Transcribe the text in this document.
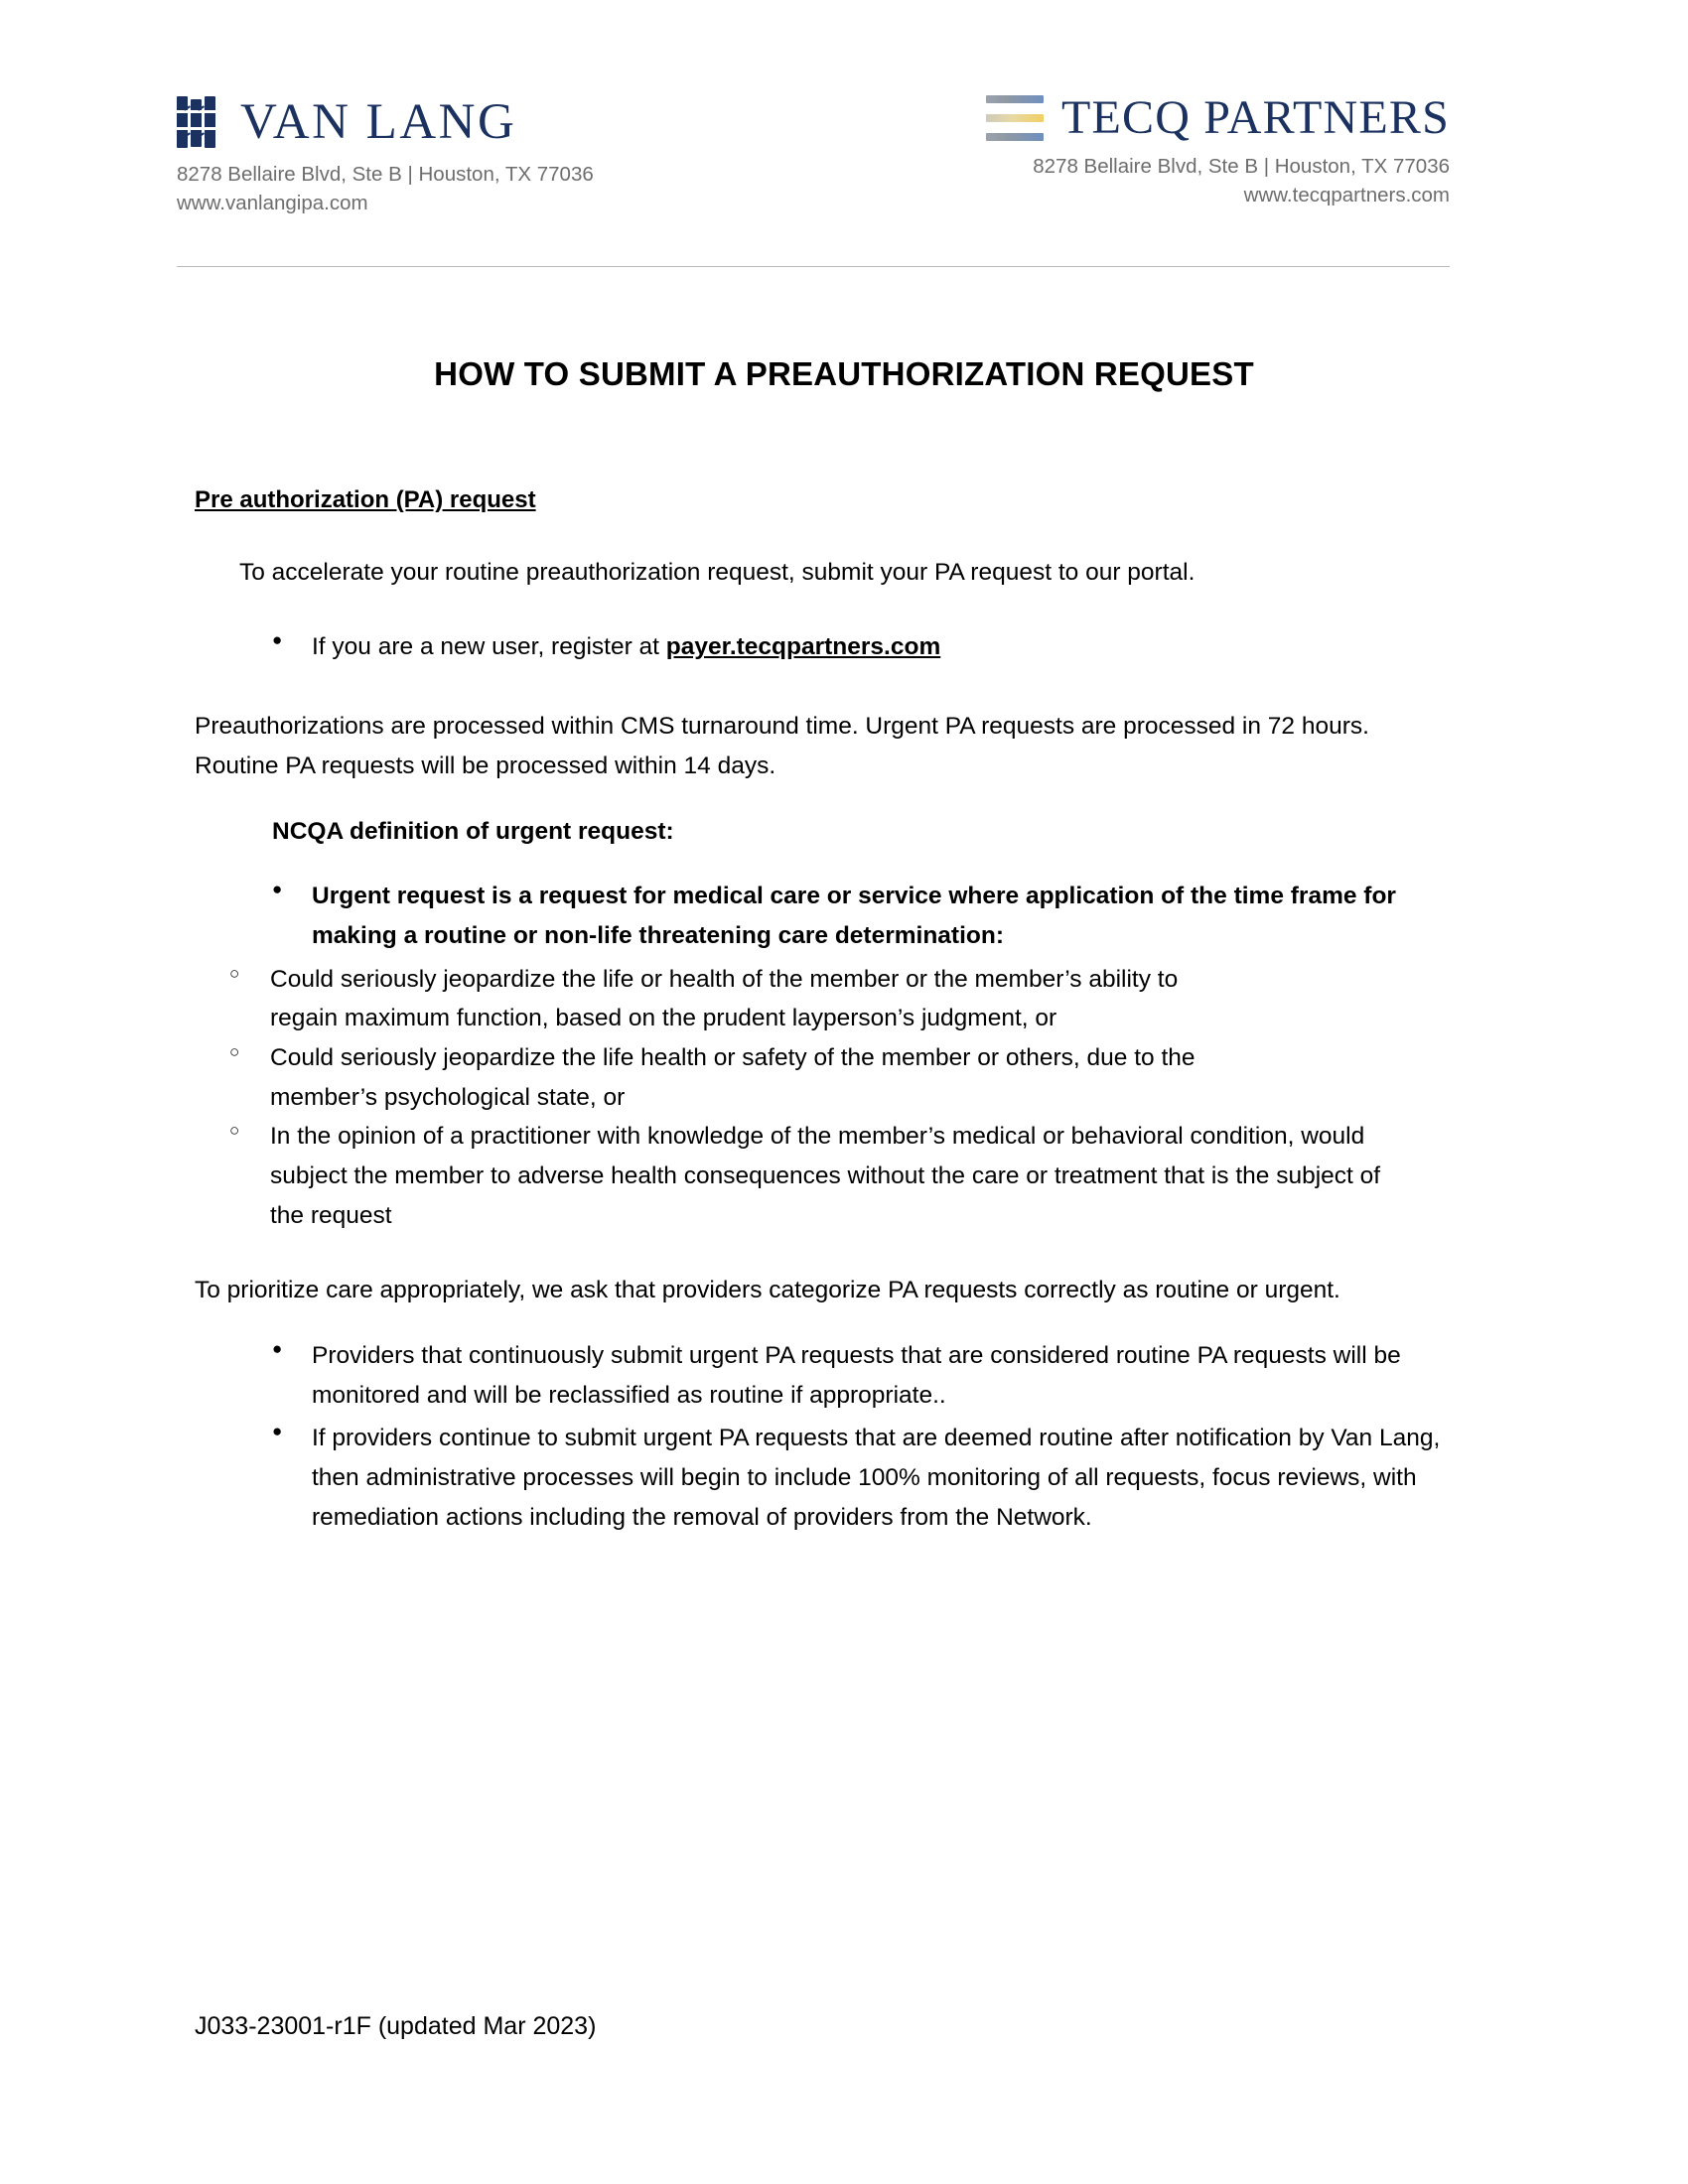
VAN LANG
8278 Bellaire Blvd, Ste B | Houston, TX 77036
www.vanlangipa.com
TECQ PARTNERS
8278 Bellaire Blvd, Ste B | Houston, TX 77036
www.tecqpartners.com
HOW TO SUBMIT A PREAUTHORIZATION REQUEST
Pre authorization (PA) request
To accelerate your routine preauthorization request, submit your PA request to our portal.
● If you are a new user, register at payer.tecqpartners.com
Preauthorizations are processed within CMS turnaround time. Urgent PA requests are processed in 72 hours. Routine PA requests will be processed within 14 days.
NCQA definition of urgent request:
● Urgent request is a request for medical care or service where application of the time frame for making a routine or non-life threatening care determination:
○ Could seriously jeopardize the life or health of the member or the member’s ability to regain maximum function, based on the prudent layperson’s judgment, or
○ Could seriously jeopardize the life health or safety of the member or others, due to the member’s psychological state, or
○ In the opinion of a practitioner with knowledge of the member’s medical or behavioral condition, would subject the member to adverse health consequences without the care or treatment that is the subject of the request
To prioritize care appropriately, we ask that providers categorize PA requests correctly as routine or urgent.
● Providers that continuously submit urgent PA requests that are considered routine PA requests will be monitored and will be reclassified as routine if appropriate..
● If providers continue to submit urgent PA requests that are deemed routine after notification by Van Lang, then administrative processes will begin to include 100% monitoring of all requests, focus reviews, with remediation actions including the removal of providers from the Network.
J033-23001-r1F (updated Mar 2023)
